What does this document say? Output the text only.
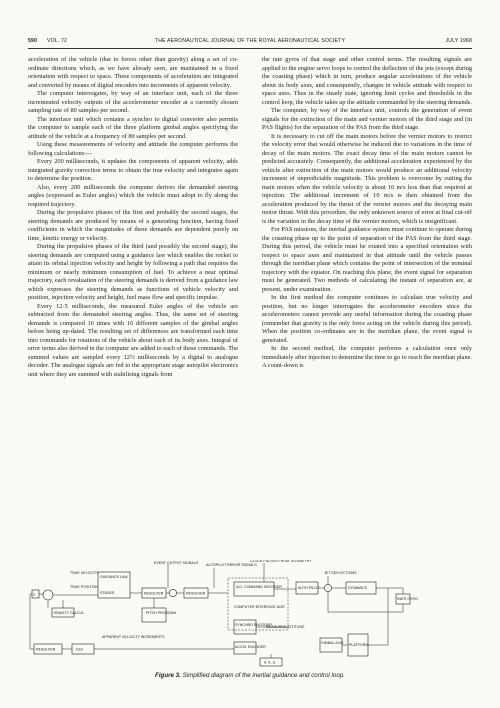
590 VOL. 72	THE AERONAUTICAL JOURNAL OF THE ROYAL AERONAUTICAL SOCIETY	JULY 1968

acceleration of the vehicle (due to forces other than gravity) along a set of co-ordinate directions which, as we have already seen, are maintained in a fixed orientation with respect to space. These components of acceleration are integrated and converted by means of digital encoders into increments of apparent velocity.

The computer interrogates, by way of an interface unit, each of the three incremented velocity outputs of the accelerometer encoder at a currently chosen sampling rate of 80 samples per second.

The interface unit which contains a synchro to digital converter also permits the computer to sample each of the three platform gimbal angles specifying the attitude of the vehicle at a frequency of 80 samples per second.

Using these measurements of velocity and attitude the computer performs the following calculations:—

Every 200 milliseconds, it updates the components of apparent velocity, adds integrated gravity correction terms to obtain the true velocity and integrates again to determine the position.

Also, every 200 milliseconds the computer derives the demanded steering angles (expressed as Euler angles) which the vehicle must adopt to fly along the required trajectory.

During the propulsive phases of the first and probably the second stages, the steering demands are produced by means of a generating function, having fixed coefficients in which the magnitudes of these demands are dependent purely on time, kinetic energy or velocity.

During the propulsive phases of the third (and possibly the second stage), the steering demands are computed using a guidance law which enables the rocket to attain its orbital injection velocity and height by following a path that requires the minimum or nearly minimum consumption of fuel. To achieve a near optimal trajectory, each revaluation of the steering demands is derived from a guidance law which expresses the steering demands as functions of vehicle velocity and position, injection velocity and height, fuel mass flow and specific impulse.

Every 12·5 milliseconds, the measured Euler angles of the vehicle are subtracted from the demanded steering angles. Thus, the same set of steering demands is compared 16 times with 16 different samples of the gimbal angles before being up-dated. The resulting set of differences are transformed each time into commands for rotations of the vehicle about each of its body axes. Integral of error terms also derived in the computer are added to each of these commands. The summed values are sampled every 12½ milliseconds by a digital to analogue decoder. The analogue signals are fed to the appropriate stage autopilot electronics unit where they are summed with stabilising signals from

the rate gyros of that stage and other control terms. The resulting signals are applied to the engine servo loops to control the deflection of the jets (except during the coasting phase) which in turn, produce angular accelerations of the vehicle about its body axes, and consequently, changes in vehicle attitude with respect to space axes. Thus in the steady state, ignoring limit cycles and thresholds in the control loop, the vehicle takes up the attitude commanded by the steering demands.

The computer, by way of the interface unit, controls the generation of event signals for the extinction of the main and vernier motors of the third stage and (in PAS flights) for the separation of the PAS from the third stage.

It is necessary to cut off the main motors before the vernier motors to restrict the velocity error that would otherwise be induced due to variations in the time of decay of the main motors. The exact decay time of the main motors cannot be predicted accurately. Consequently, the additional acceleration experienced by the vehicle after extinction of the main motors would produce an additional velocity increment of unpredictable magnitude. This problem is overcome by cutting the main motors when the vehicle velocity is about 10 m/s less than that required at injection. The additional increment of 10 m/s is then obtained from the acceleration produced by the thrust of the vernier motors and the decaying main motor thrust. With this procedure, the only unknown source of error at final cut-off is the variation in the decay time of the vernier motors, which is insignificant.

For PAS missions, the inertial guidance system must continue to operate during the coasting phase up to the point of separation of the PAS from the third stage. During this period, the vehicle must be rotated into a specified orientation with respect to space axes and maintained in that attitude until the vehicle passes through the meridian plane which contains the point of intersection of the nominal trajectory with the equator. On reaching this plane, the event signal for separation must be generated. Two methods of calculating the instant of separation are, at present, under examination.

In the first method the computer continues to calculate true velocity and position, but no longer interrogates the accelerometer encoders since the accelerometers cannot provide any useful information during the coasting phase (remember that gravity is the only force acting on the vehicle during this period). When the position co-ordinates are in the meridian plane, the event signal is generated.

In the second method, the computer performs a calculation once only immediately after injection to determine the time to go to reach the meridian plane. A count-down is

EVENT OUTPUT SIGNALS AUTOPILOT ERROR SIGNALS
CLOCK PULSES FROM TELEMETRY
JET DEFLECTIONS
TRUE VELOCITY
TRUE POSITION
GUIDANCE LAW
STAGES
GRAVITY CALCUL.
Σ	RESOLVER	RESOLVER
PITCH PROGRAM
A.D. COMMAND DECODER
COMPUTER INTERFACE UNIT
SYNCHRO ENCODER
MEASURED ATTITUDE
ACCEL ENCODER
AUTO PILOT	DYNAMICS
RATE GYRO
GIMBAL AXIS PLATFORM
A. E. U.
APPARENT VELOCITY INCREMENTS
RESOLVER	ΣΔV
Figure 3. Simplified diagram of the inertial guidance and control loop.
